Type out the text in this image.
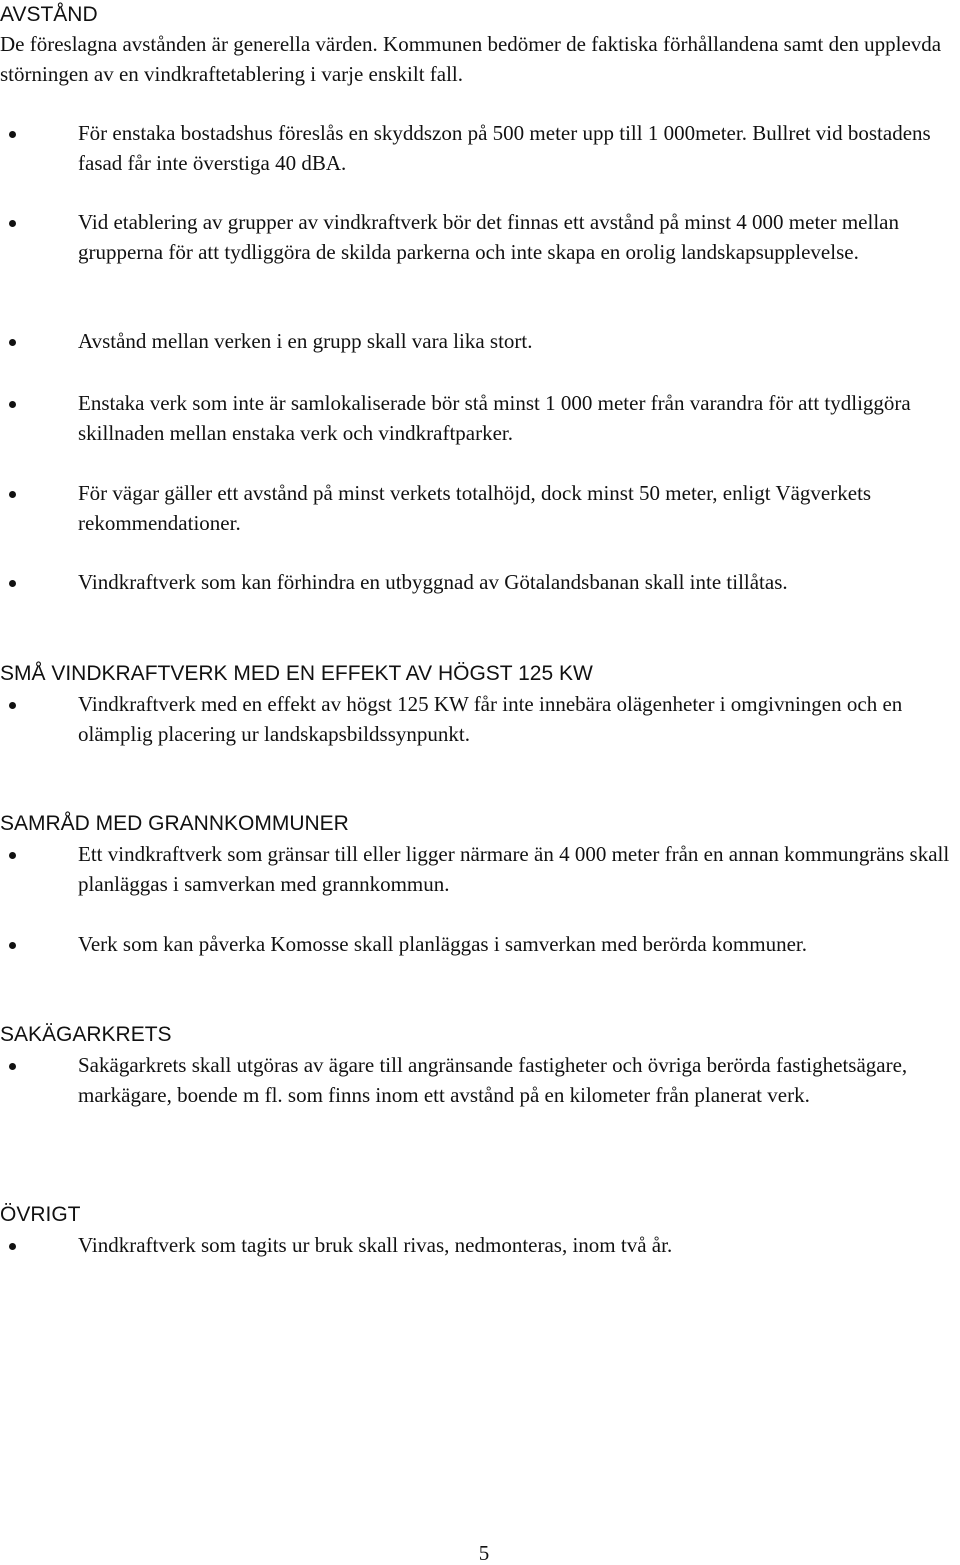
AVSTÅND

De föreslagna avstånden är generella värden. Kommunen bedömer de faktiska förhållandena samt den upplevda störningen av en vindkraftetablering i varje enskilt fall.

För enstaka bostadshus föreslås en skyddszon på 500 meter upp till 1 000meter. Bullret vid bostadens fasad får inte överstiga 40 dBA.
Vid etablering av grupper av vindkraftverk bör det finnas ett avstånd på minst 4 000 meter mellan grupperna för att tydliggöra de skilda parkerna och inte skapa en orolig landskapsupplevelse.
Avstånd mellan verken i en grupp skall vara lika stort.
Enstaka verk som inte är samlokaliserade bör stå minst 1 000 meter från varandra för att tydliggöra skillnaden mellan enstaka verk och vindkraftparker.
För vägar gäller ett avstånd på minst verkets totalhöjd, dock minst 50 meter, enligt Vägverkets rekommendationer.
Vindkraftverk som kan förhindra en utbyggnad av Götalandsbanan skall inte tillåtas.
SMÅ VINDKRAFTVERK MED EN EFFEKT AV HÖGST 125 KW
Vindkraftverk med en effekt av högst 125 KW får inte innebära olägenheter i omgivningen och en olämplig placering ur landskapsbildssynpunkt.
SAMRÅD MED GRANNKOMMUNER
Ett vindkraftverk som gränsar till eller ligger närmare än 4 000 meter från en annan kommungräns skall planläggas i samverkan med grannkommun.
Verk som kan påverka Komosse skall planläggas i samverkan med berörda kommuner.
SAKÄGARKRETS
Sakägarkrets skall utgöras av ägare till angränsande fastigheter och övriga berörda fastighetsägare, markägare, boende m fl. som finns inom ett avstånd på en kilometer från planerat verk.
ÖVRIGT
Vindkraftverk som tagits ur bruk skall rivas, nedmonteras, inom två år.
5
